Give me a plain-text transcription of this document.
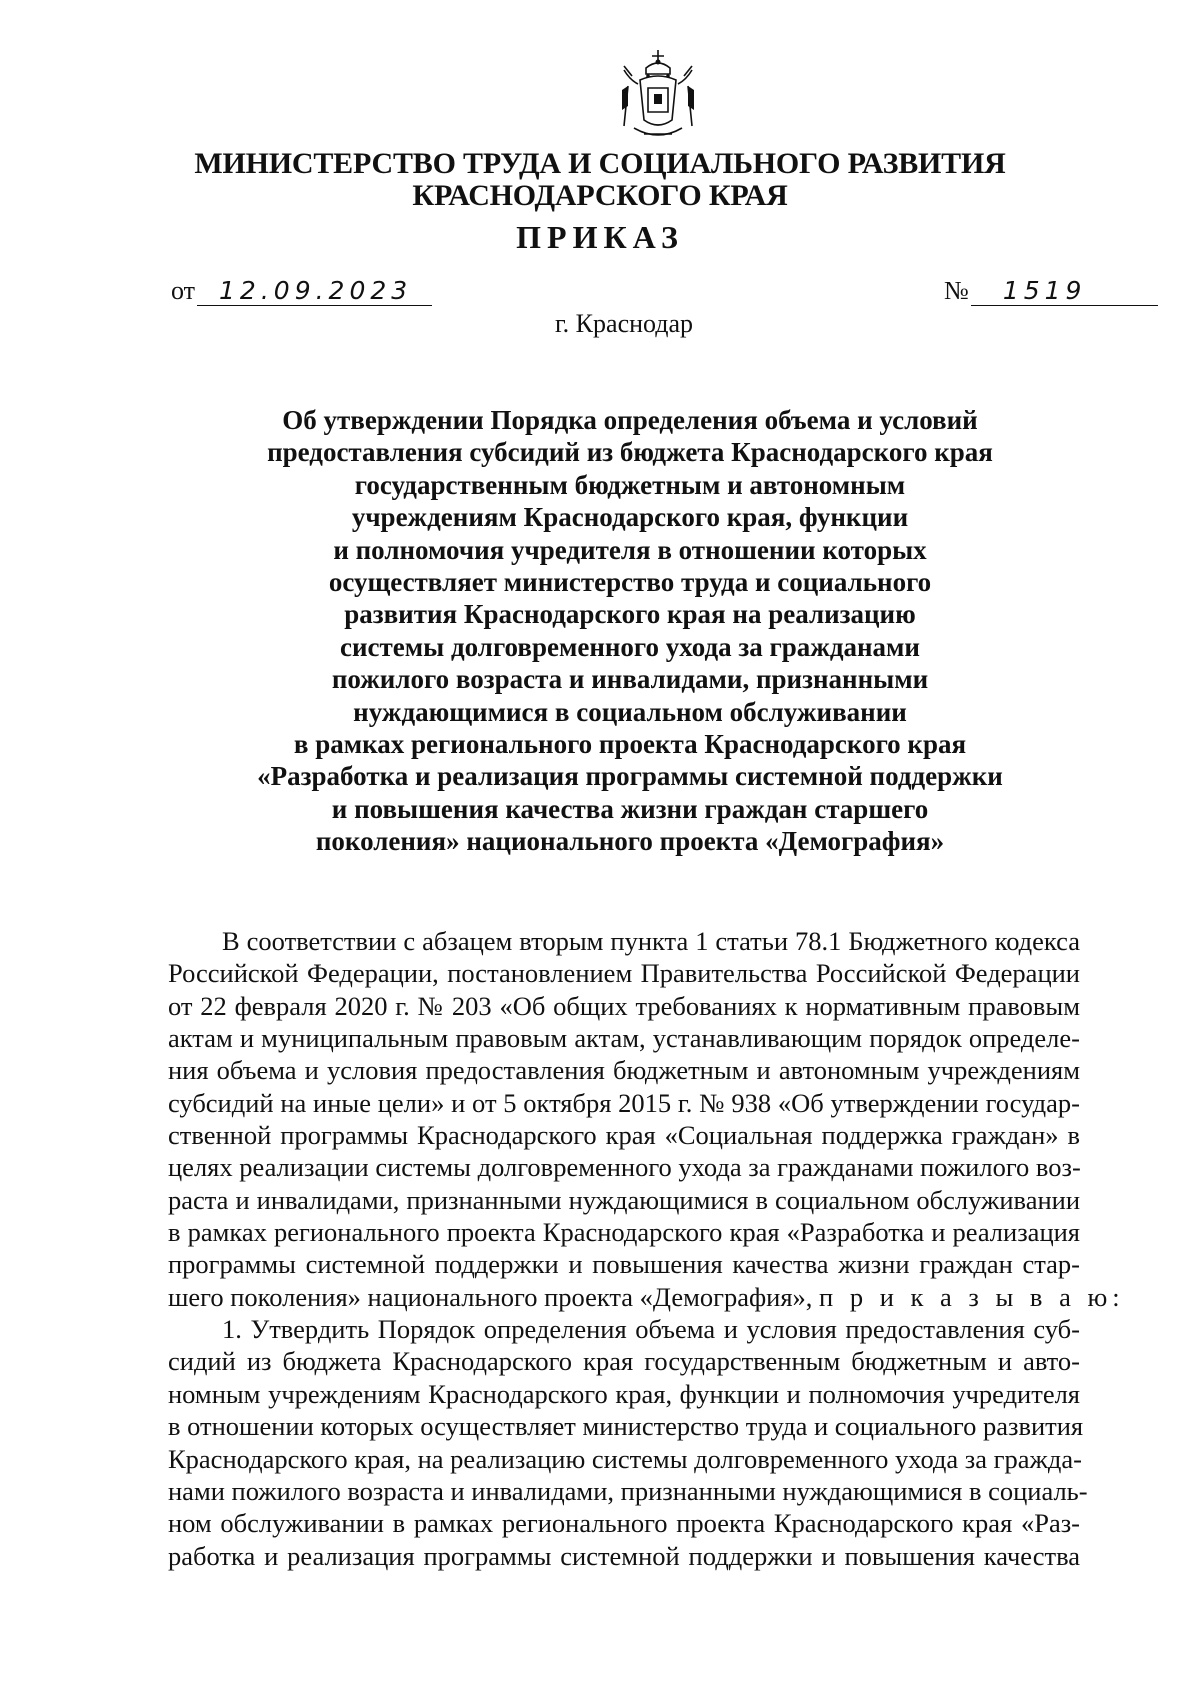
МИНИСТЕРСТВО ТРУДА И СОЦИАЛЬНОГО РАЗВИТИЯ
КРАСНОДАРСКОГО КРАЯ
ПРИКАЗ
от 12.09.2023	№	1519
г. Краснодар
Об утверждении Порядка определения объема и условий
предоставления субсидий из бюджета Краснодарского края
государственным бюджетным и автономным
учреждениям Краснодарского края, функции
и полномочия учредителя в отношении которых
осуществляет министерство труда и социального
развития Краснодарского края на реализацию
системы долговременного ухода за гражданами
пожилого возраста и инвалидами, признанными
нуждающимися в социальном обслуживании
в рамках регионального проекта Краснодарского края
«Разработка и реализация программы системной поддержки
и повышения качества жизни граждан старшего
поколения» национального проекта «Демография»
В соответствии с абзацем вторым пункта 1 статьи 78.1 Бюджетного кодекса
Российской Федерации, постановлением Правительства Российской Федерации
от 22 февраля 2020 г. № 203 «Об общих требованиях к нормативным правовым
актам и муниципальным правовым актам, устанавливающим порядок определе-
ния объема и условия предоставления бюджетным и автономным учреждениям
субсидий на иные цели» и от 5 октября 2015 г. № 938 «Об утверждении государ-
ственной программы Краснодарского края «Социальная поддержка граждан» в
целях реализации системы долговременного ухода за гражданами пожилого воз-
раста и инвалидами, признанными нуждающимися в социальном обслуживании
в рамках регионального проекта Краснодарского края «Разработка и реализация
программы системной поддержки и повышения качества жизни граждан стар-
шего поколения» национального проекта «Демография», п р и к а з ы в а ю:
1. Утвердить Порядок определения объема и условия предоставления суб-
сидий из бюджета Краснодарского края государственным бюджетным и авто-
номным учреждениям Краснодарского края, функции и полномочия учредителя
в отношении которых осуществляет министерство труда и социального развития
Краснодарского края, на реализацию системы долговременного ухода за гражда-
нами пожилого возраста и инвалидами, признанными нуждающимися в социаль-
ном обслуживании в рамках регионального проекта Краснодарского края «Раз-
работка и реализация программы системной поддержки и повышения качества
